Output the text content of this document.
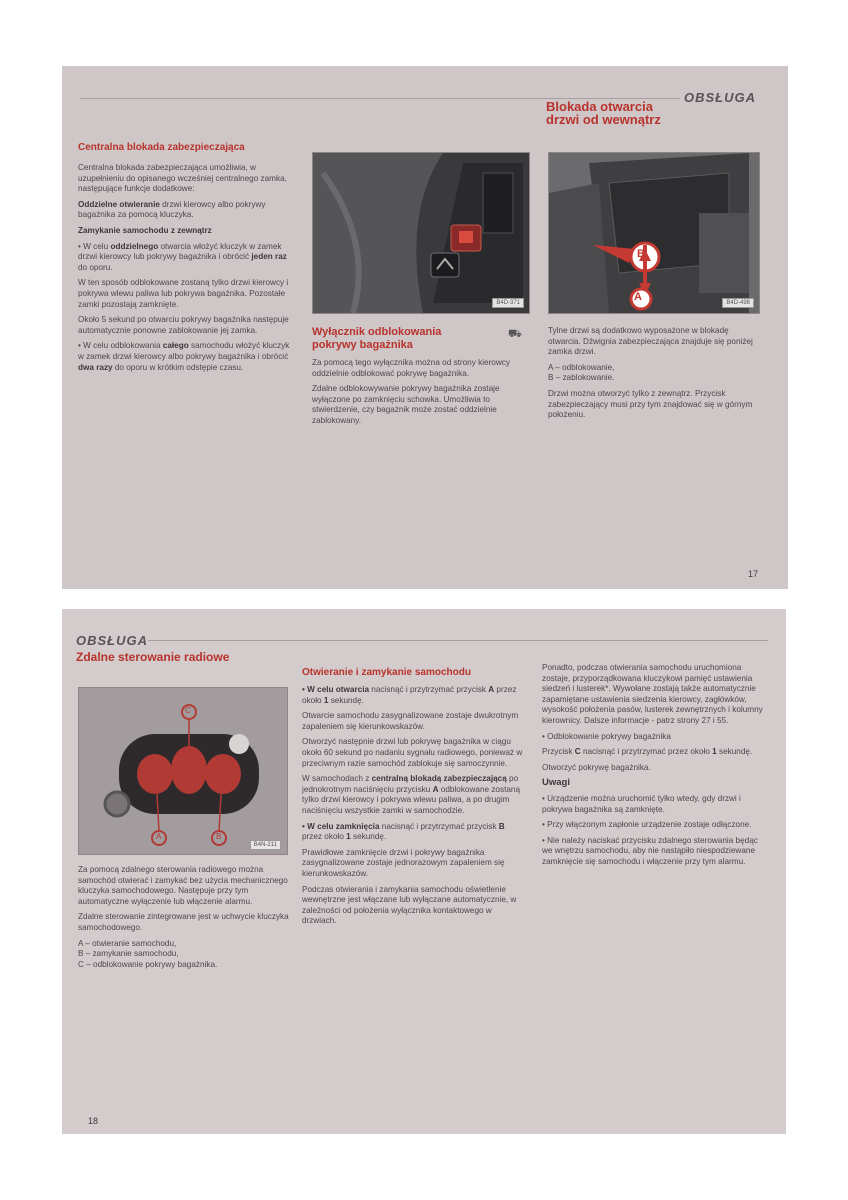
OBSŁUGA
Centralna blokada zabezpieczająca

Centralna blokada zabezpieczająca umożliwia, w uzupełnieniu do opisanego wcześniej centralnego zamka, następujące funkcje dodatkowe:

Oddzielne otwieranie drzwi kierowcy albo pokrywy bagażnika za pomocą kluczyka.

Zamykanie samochodu z zewnątrz

• W celu oddzielnego otwarcia włożyć kluczyk w zamek drzwi kierowcy lub pokrywy bagażnika i obrócić jeden raz do oporu.

W ten sposób odblokowane zostaną tylko drzwi kierowcy i pokrywa wlewu paliwa lub pokrywa bagażnika. Pozostałe zamki pozostają zamknięte.

Około 5 sekund po otwarciu pokrywy bagażnika następuje automatycznie ponowne zablokowanie jej zamka.

• W celu odblokowania całego samochodu włożyć kluczyk w zamek drzwi kierowcy albo pokrywy bagażnika i obrócić dwa razy do oporu w krótkim odstępie czasu.

B4D-371
Wyłącznik odblokowania
pokrywy bagażnika
⛟

Za pomocą tego wyłącznika można od strony kierowcy oddzielnie odblokować pokrywę bagażnika.

Zdalne odblokowywanie pokrywy bagażnika zostaje wyłączone po zamknięciu schowka. Umożliwia to stwierdzenie, czy bagażnik może zostać oddzielnie zablokowany.

Blokada otwarcia
drzwi od wewnątrz
B
A	B4D-498

Tylne drzwi są dodatkowo wyposażone w blokadę otwarcia. Dźwignia zabezpieczająca znajduje się poniżej zamka drzwi.

A – odblokowanie,

B – zablokowanie.

Drzwi można otworzyć tylko z zewnątrz. Przycisk zabezpieczający musi przy tym znajdować się w górnym położeniu.

17
OBSŁUGA
Zdalne sterowanie radiowe
C
A	B
B4N-211

Za pomocą zdalnego sterowania radiowego można samochód otwierać i zamykać bez użycia mechanicznego kluczyka samochodowego. Następuje przy tym automatyczne wyłączenie lub włączenie alarmu.

Zdalne sterowanie zintegrowane jest w uchwycie kluczyka samochodowego.

A – otwieranie samochodu,

B – zamykanie samochodu,

C – odblokowanie pokrywy bagażnika.

Otwieranie i zamykanie samochodu

• W celu otwarcia nacisnąć i przytrzymać przycisk A przez około 1 sekundę.

Otwarcie samochodu zasygnalizowane zostaje dwukrotnym zapaleniem się kierunkowskazów.

Otworzyć następnie drzwi lub pokrywę bagażnika w ciągu około 60 sekund po nadaniu sygnału radiowego, ponieważ w przeciwnym razie samochód zablokuje się samoczynnie.

W samochodach z centralną blokadą zabezpieczającą po jednokrotnym naciśnięciu przycisku A odblokowane zostaną tylko drzwi kierowcy i pokrywa wlewu paliwa, a po drugim naciśnięciu wszystkie zamki w samochodzie.

• W celu zamknięcia nacisnąć i przytrzymać przycisk B przez około 1 sekundę.

Prawidłowe zamknięcie drzwi i pokrywy bagażnika zasygnalizowane zostaje jednorazowym zapaleniem się kierunkowskazów.

Podczas otwierania i zamykania samochodu oświetlenie wewnętrzne jest włączane lub wyłączane automatycznie, w zależności od położenia wyłącznika kontaktowego w drzwiach.

Ponadto, podczas otwierania samochodu uruchomiona zostaje, przyporządkowana kluczykowi pamięć ustawienia siedzeń i lusterek*. Wywołane zostają także automatycznie zapamiętane ustawienia siedzenia kierowcy, zagłówków, wysokość położenia pasów, lusterek zewnętrznych i kolumny kierownicy. Dalsze informacje - patrz strony 27 i 55.

• Odblokowanie pokrywy bagażnika

Przycisk C nacisnąć i przytrzymać przez około 1 sekundę.

Otworzyć pokrywę bagażnika.

Uwagi

• Urządzenie można uruchomić tylko wtedy, gdy drzwi i pokrywa bagażnika są zamknięte.

• Przy włączonym zapłonie urządzenie zostaje odłączone.

• Nie należy naciskać przycisku zdalnego sterowania będąc we wnętrzu samochodu, aby nie nastąpiło niespodziewane zamknięcie się samochodu i włączenie przy tym alarmu.

18
